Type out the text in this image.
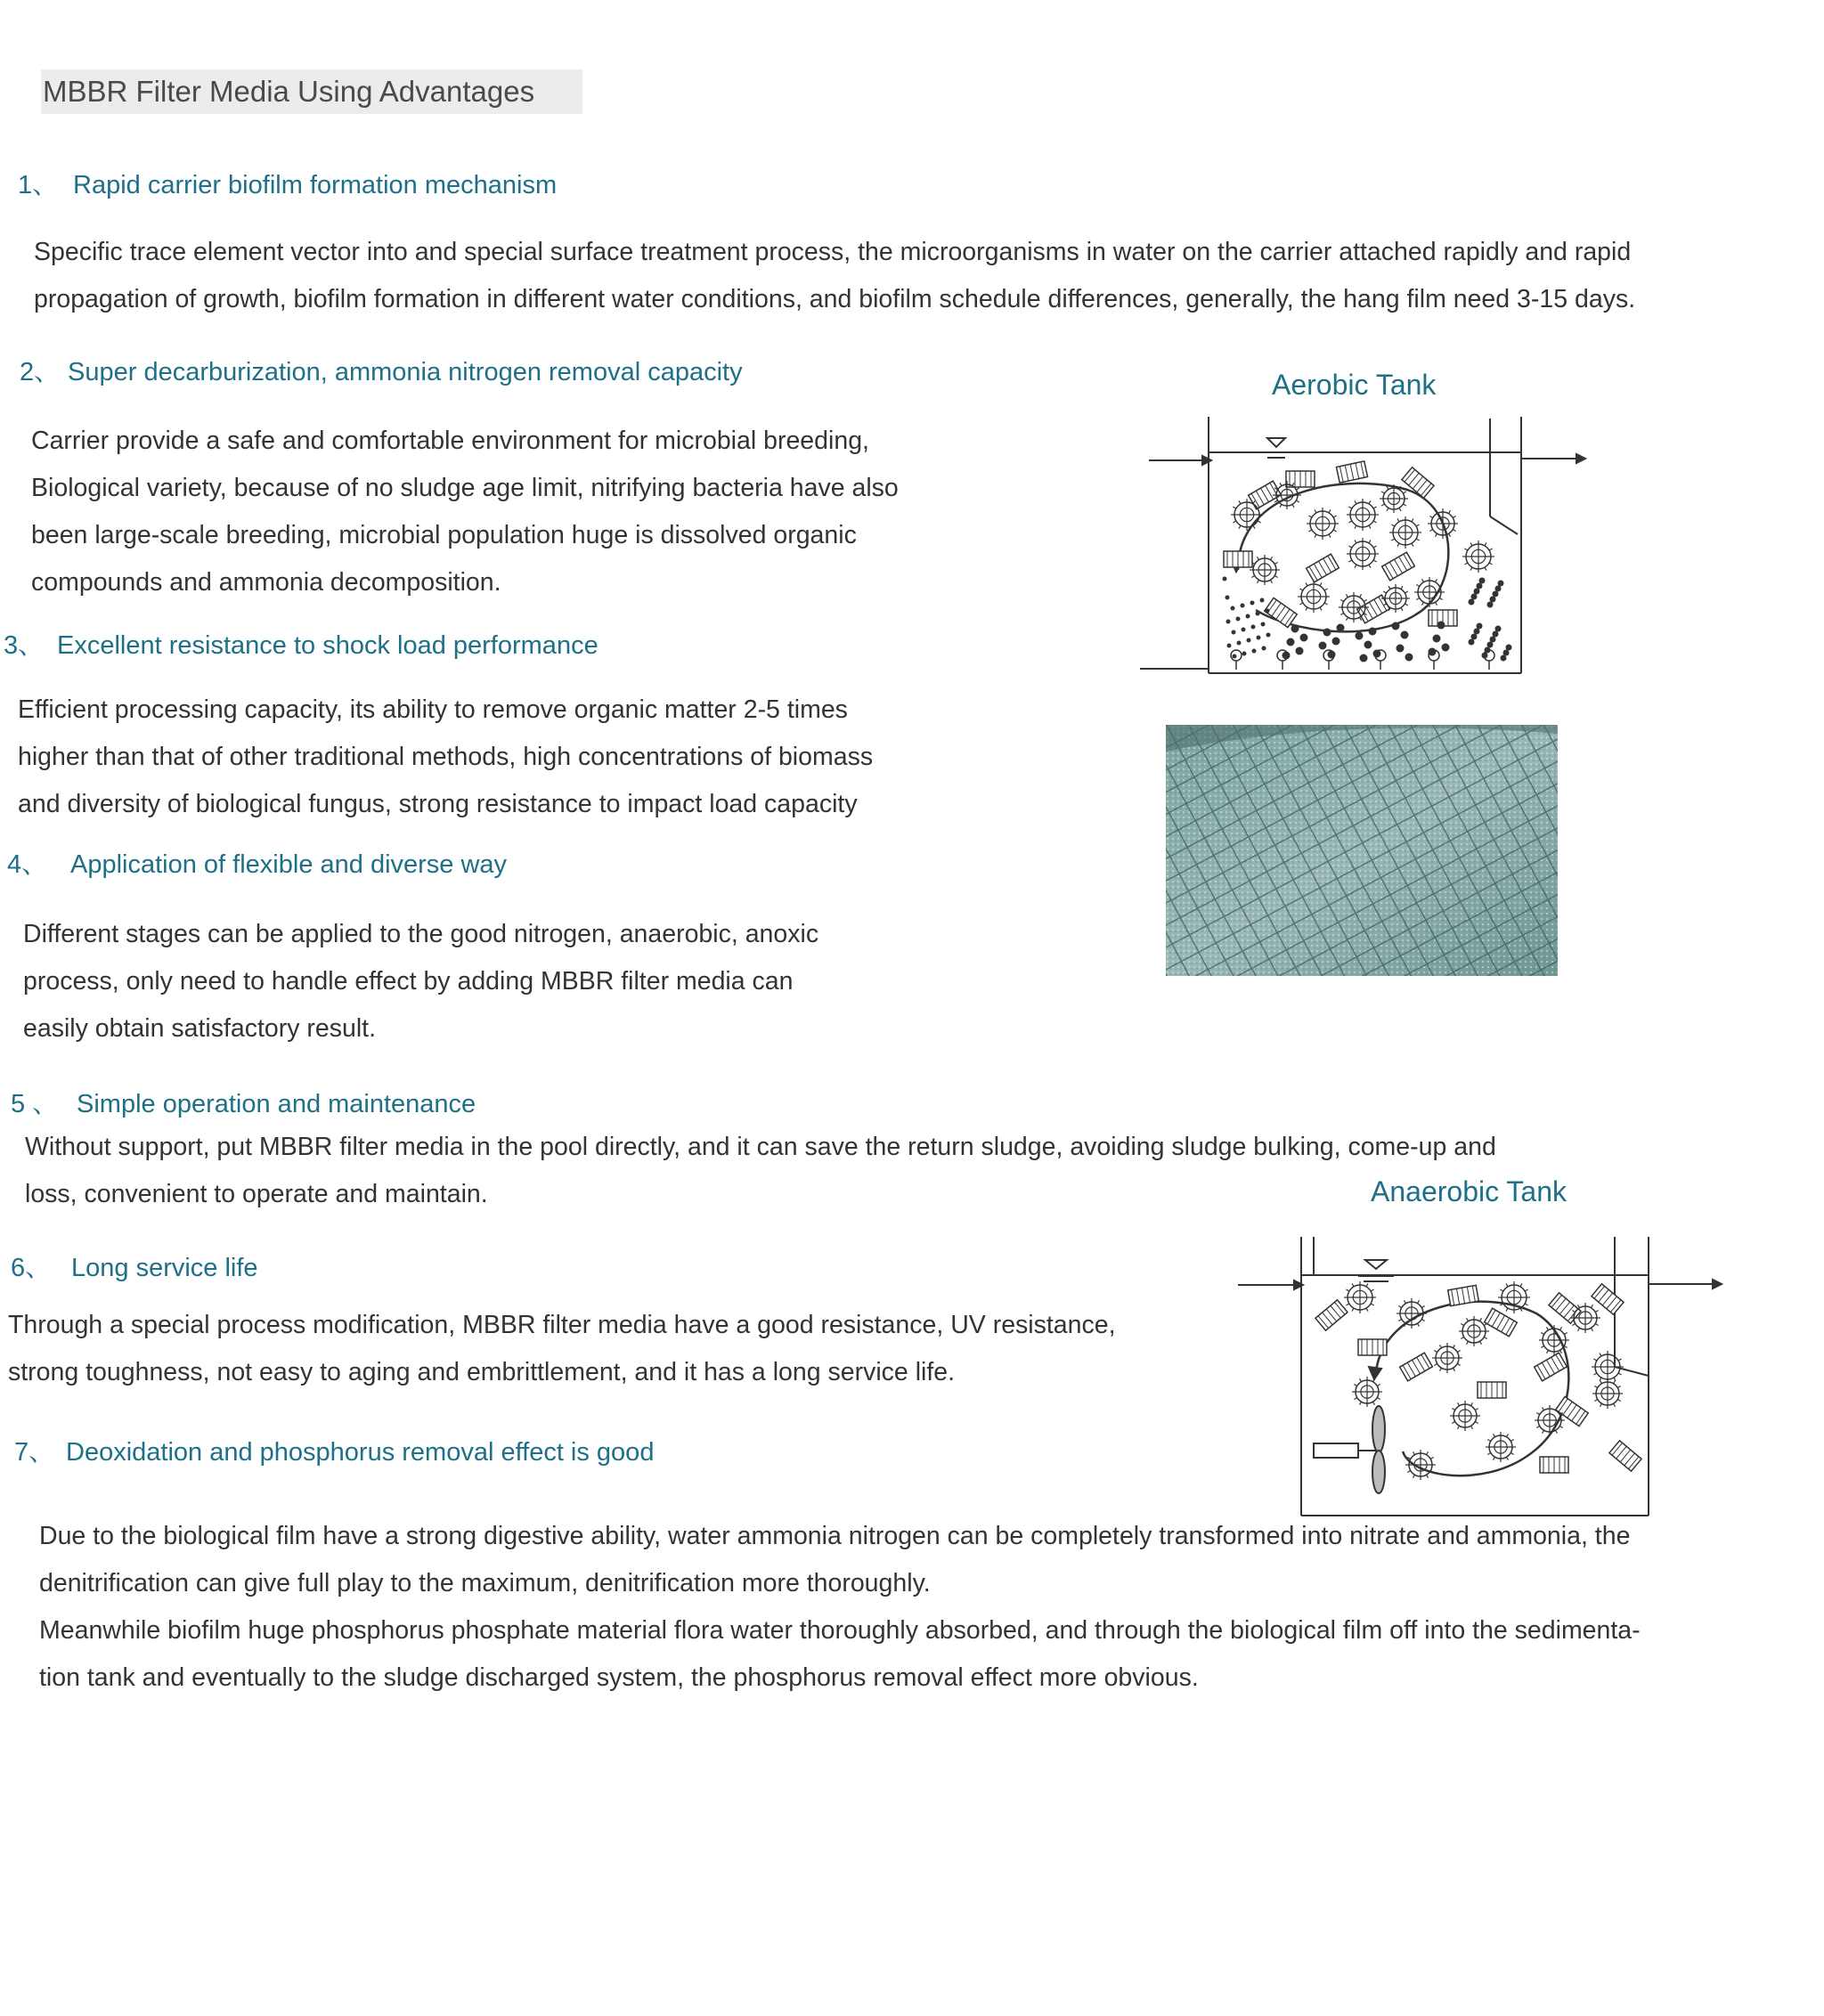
MBBR Filter Media Using Advantages
1、 Rapid carrier biofilm formation mechanism

Specific trace element vector into and special surface treatment process, the microorganisms in water on the carrier attached rapidly and rapid

propagation of growth, biofilm formation in different water conditions, and biofilm schedule differences, generally, the hang film need 3-15 days.

2、 Super decarburization, ammonia nitrogen removal capacity

Carrier provide a safe and comfortable environment for microbial breeding,

Biological variety, because of no sludge age limit, nitrifying bacteria have also

been large-scale breeding, microbial population huge is dissolved organic

compounds and ammonia decomposition.

3、 Excellent resistance to shock load performance

Efficient processing capacity, its ability to remove organic matter 2-5 times

higher than that of other traditional methods, high concentrations of biomass

and diversity of biological fungus, strong resistance to impact load capacity

4、 Application of flexible and diverse way

Different stages can be applied to the good nitrogen, anaerobic, anoxic

process, only need to handle effect by adding MBBR filter media can

easily obtain satisfactory result.

5 、 Simple operation and maintenance

Without support, put MBBR filter media in the pool directly, and it can save the return sludge, avoiding sludge bulking, come-up and

loss, convenient to operate and maintain.

6、 Long service life

Through a special process modification, MBBR filter media have a good resistance, UV resistance,

strong toughness, not easy to aging and embrittlement, and it has a long service life.

7、 Deoxidation and phosphorus removal effect is good

Due to the biological film have a strong digestive ability, water ammonia nitrogen can be completely transformed into nitrate and ammonia, the

denitrification can give full play to the maximum, denitrification more thoroughly.

Meanwhile biofilm huge phosphorus phosphate material flora water thoroughly absorbed, and through the biological film off into the sedimenta-

tion tank and eventually to the sludge discharged system, the phosphorus removal effect more obvious.

Aerobic Tank
Anaerobic Tank
